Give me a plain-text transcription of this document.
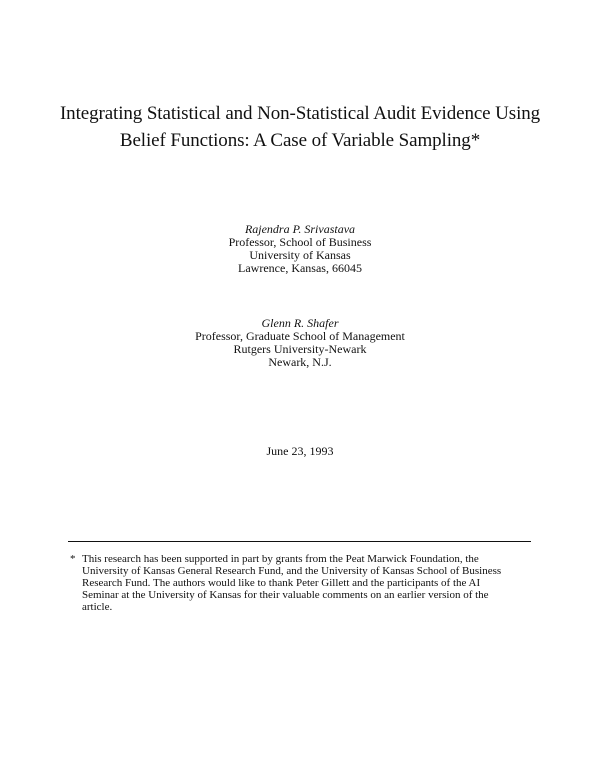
Integrating Statistical and Non-Statistical Audit Evidence Using
Belief Functions: A Case of Variable Sampling*
Rajendra P. Srivastava
Professor, School of Business
University of Kansas
Lawrence, Kansas, 66045
Glenn R. Shafer
Professor, Graduate School of Management
Rutgers University-Newark
Newark, N.J.
June 23, 1993
* This research has been supported in part by grants from the Peat Marwick Foundation, the
University of Kansas General Research Fund, and the University of Kansas School of Business
Research Fund. The authors would like to thank Peter Gillett and the participants of the AI
Seminar at the University of Kansas for their valuable comments on an earlier version of the
article.
